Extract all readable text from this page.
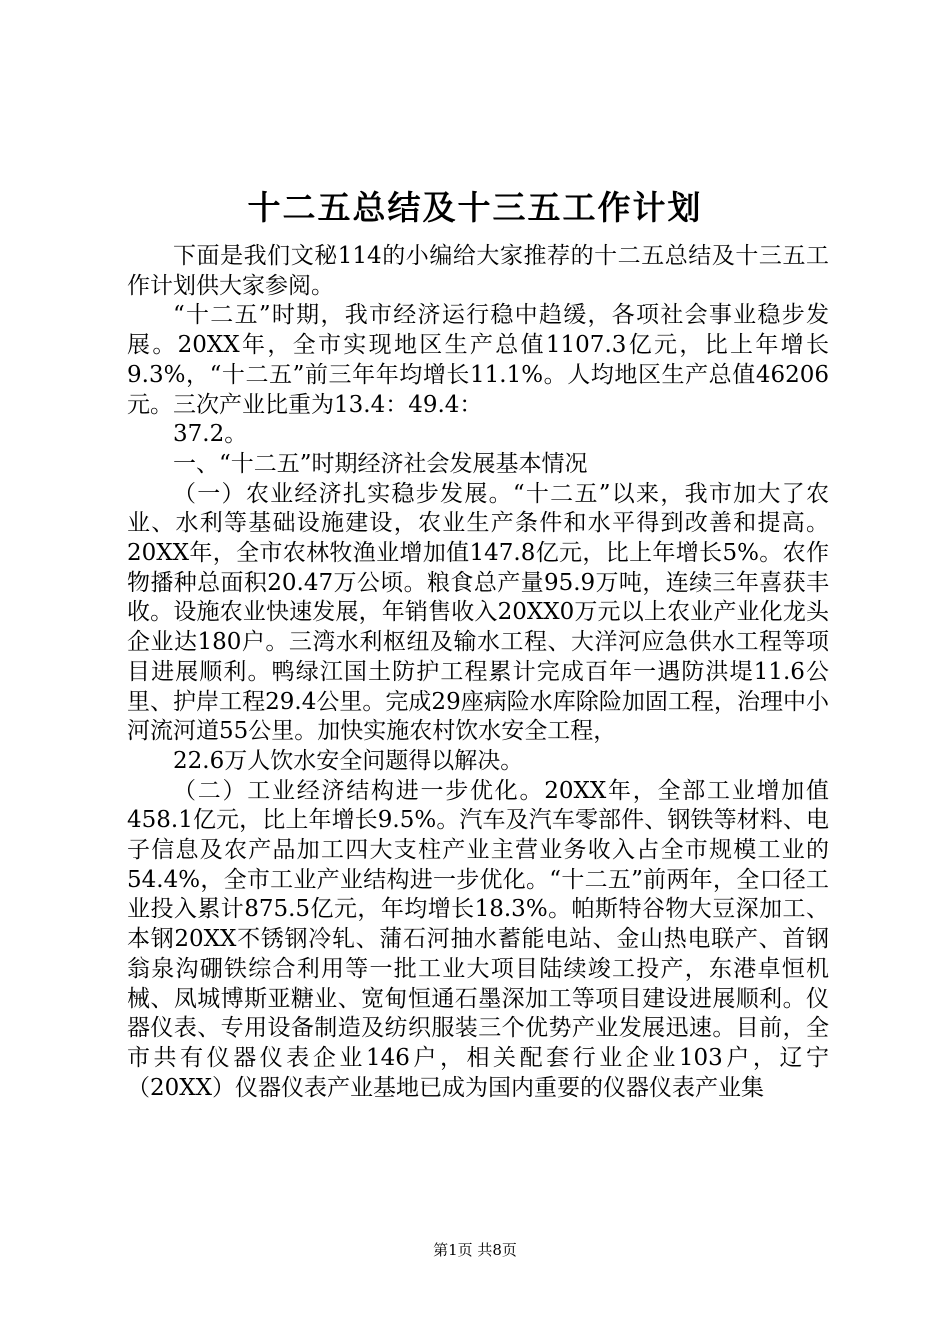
十二五总结及十三五工作计划

下面是我们文秘114的小编给大家推荐的十二五总结及十三五工作计划供大家参阅。

“十二五”时期，我市经济运行稳中趋缓，各项社会事业稳步发展。20XX年，全市实现地区生产总值1107.3亿元，比上年增长9.3%，“十二五”前三年年均增长11.1%。人均地区生产总值46206元。三次产业比重为13.4：49.4：

37.2。

一、“十二五”时期经济社会发展基本情况

（一）农业经济扎实稳步发展。“十二五”以来，我市加大了农业、水利等基础设施建设，农业生产条件和水平得到改善和提高。20XX年，全市农林牧渔业增加值147.8亿元，比上年增长5%。农作物播种总面积20.47万公顷。粮食总产量95.9万吨，连续三年喜获丰收。设施农业快速发展，年销售收入20XX0万元以上农业产业化龙头企业达180户。三湾水利枢纽及输水工程、大洋河应急供水工程等项目进展顺利。鸭绿江国土防护工程累计完成百年一遇防洪堤11.6公里、护岸工程29.4公里。完成29座病险水库除险加固工程，治理中小河流河道55公里。加快实施农村饮水安全工程，

22.6万人饮水安全问题得以解决。

（二）工业经济结构进一步优化。20XX年，全部工业增加值458.1亿元，比上年增长9.5%。汽车及汽车零部件、钢铁等材料、电子信息及农产品加工四大支柱产业主营业务收入占全市规模工业的54.4%，全市工业产业结构进一步优化。“十二五”前两年，全口径工业投入累计875.5亿元，年均增长18.3%。帕斯特谷物大豆深加工、本钢20XX不锈钢冷轧、蒲石河抽水蓄能电站、金山热电联产、首钢翁泉沟硼铁综合利用等一批工业大项目陆续竣工投产，东港卓恒机械、凤城博斯亚糖业、宽甸恒通石墨深加工等项目建设进展顺利。仪器仪表、专用设备制造及纺织服装三个优势产业发展迅速。目前，全市共有仪器仪表企业146户，相关配套行业企业103户，辽宁（20XX）仪器仪表产业基地已成为国内重要的仪器仪表产业集

第1页 共8页
